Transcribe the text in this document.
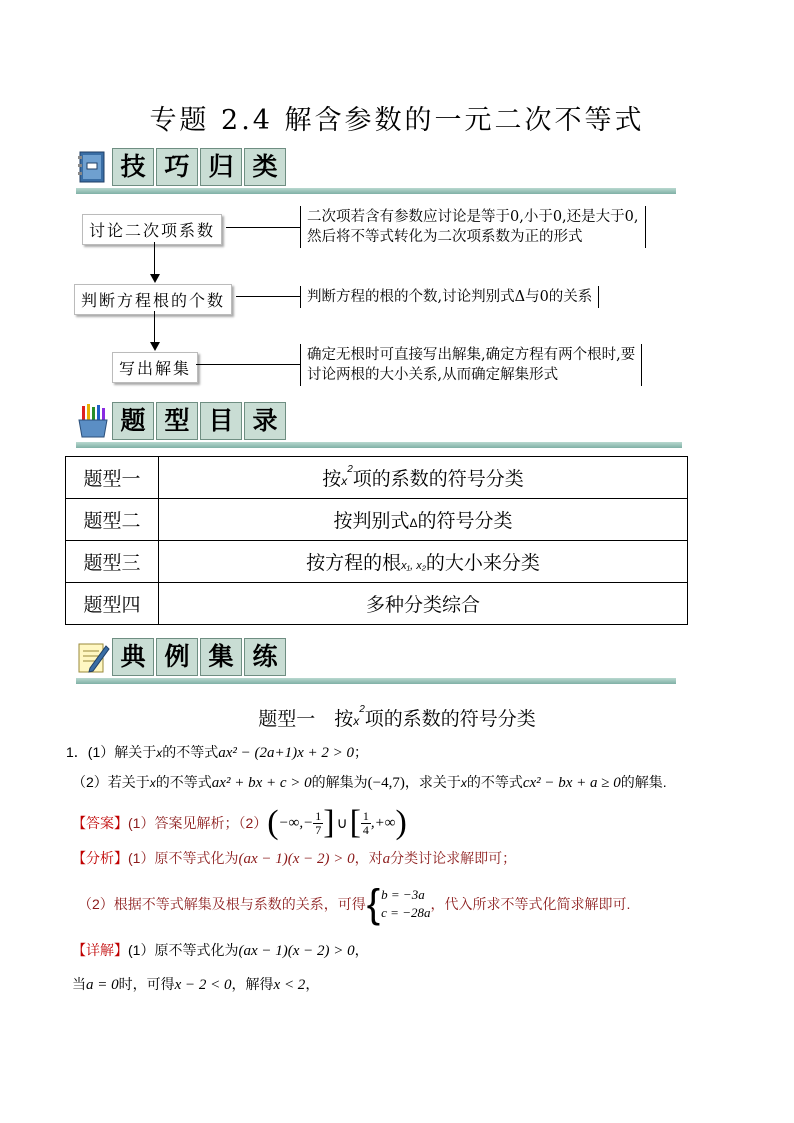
专题 2.4 解含参数的一元二次不等式
技 巧 归 类
讨论二次项系数
二次项若含有参数应讨论是等于0,小于0,还是大于0,
然后将不等式转化为二次项系数为正的形式
判断方程根的个数	判断方程的根的个数,讨论判别式Δ与0的关系
写出解集
确定无根时可直接写出解集,确定方程有两个根时,要
讨论两根的大小关系,从而确定解集形式
题 型 目 录
题型一	按$x^2$项的系数的符号分类
题型二	按判别式Δ的符号分类
题型三	按方程的根x₁, x₂的大小来分类
题型四	多种分类综合
典 例 集 练
题型一　按$x^2$项的系数的符号分类
1．(1）解关于x的不等式ax² − (2a+1)x + 2 > 0；
（2）若关于x的不等式ax² + bx + c > 0的解集为(−4,7)，求关于x的不等式cx² − bx + a ≥ 0的解集.
【答案】 (1）答案见解析；（2） ( −∞,− $\frac{1}{7}$ ] ∪ [ $\frac{1}{4}$ ,+∞ )
【分析】(1）原不等式化为(ax − 1)(x − 2) > 0，对a分类讨论求解即可；
（2）根据不等式解集及根与系数的关系，可得 { b = −3a
c = −28a
，代入所求不等式化简求解即可.
【详解】(1）原不等式化为(ax − 1)(x − 2) > 0，
当a = 0时，可得x − 2 < 0，解得x < 2，
